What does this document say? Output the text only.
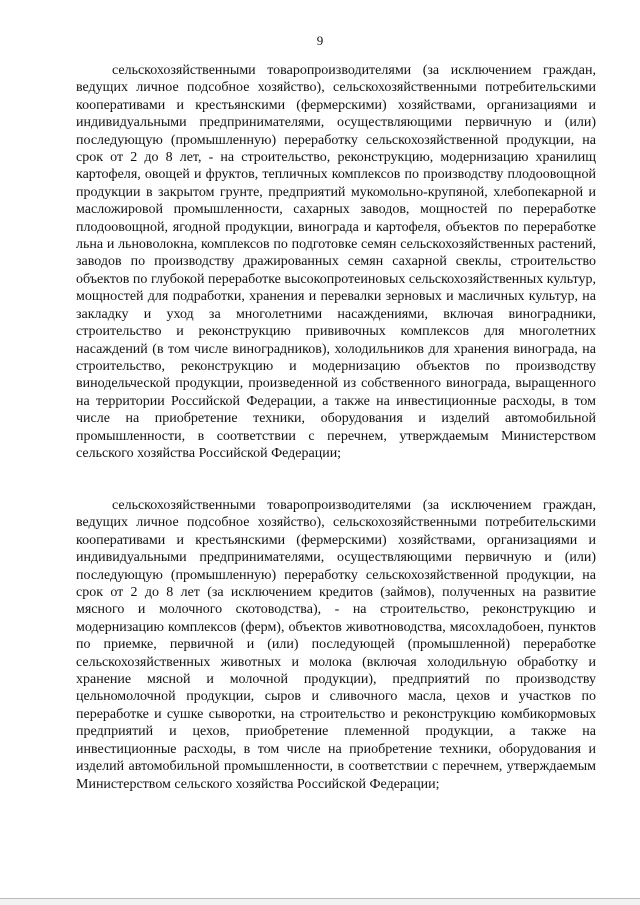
9

сельскохозяйственными товаропроизводителями (за исключением граждан, ведущих личное подсобное хозяйство), сельскохозяйственными потребительскими кооперативами и крестьянскими (фермерскими) хозяйствами, организациями и индивидуальными предпринимателями, осуществляющими первичную и (или) последующую (промышленную) переработку сельскохозяйственной продукции, на срок от 2 до 8 лет, - на строительство, реконструкцию, модернизацию хранилищ картофеля, овощей и фруктов, тепличных комплексов по производству плодоовощной продукции в закрытом грунте, предприятий мукомольно-крупяной, хлебопекарной и масложировой промышленности, сахарных заводов, мощностей по переработке плодоовощной, ягодной продукции, винограда и картофеля, объектов по переработке льна и льноволокна, комплексов по подготовке семян сельскохозяйственных растений, заводов по производству дражированных семян сахарной свеклы, строительство объектов по глубокой переработке высокопротеиновых сельскохозяйственных культур, мощностей для подработки, хранения и перевалки зерновых и масличных культур, на закладку и уход за многолетними насаждениями, включая виноградники, строительство и реконструкцию прививочных комплексов для многолетних насаждений (в том числе виноградников), холодильников для хранения винограда, на строительство, реконструкцию и модернизацию объектов по производству винодельческой продукции, произведенной из собственного винограда, выращенного на территории Российской Федерации, а также на инвестиционные расходы, в том числе на приобретение техники, оборудования и изделий автомобильной промышленности, в соответствии с перечнем, утверждаемым Министерством сельского хозяйства Российской Федерации;

сельскохозяйственными товаропроизводителями (за исключением граждан, ведущих личное подсобное хозяйство), сельскохозяйственными потребительскими кооперативами и крестьянскими (фермерскими) хозяйствами, организациями и индивидуальными предпринимателями, осуществляющими первичную и (или) последующую (промышленную) переработку сельскохозяйственной продукции, на срок от 2 до 8 лет (за исключением кредитов (займов), полученных на развитие мясного и молочного скотоводства), - на строительство, реконструкцию и модернизацию комплексов (ферм), объектов животноводства, мясохладобоен, пунктов по приемке, первичной и (или) последующей (промышленной) переработке сельскохозяйственных животных и молока (включая холодильную обработку и хранение мясной и молочной продукции), предприятий по производству цельномолочной продукции, сыров и сливочного масла, цехов и участков по переработке и сушке сыворотки, на строительство и реконструкцию комбикормовых предприятий и цехов, приобретение племенной продукции, а также на инвестиционные расходы, в том числе на приобретение техники, оборудования и изделий автомобильной промышленности, в соответствии с перечнем, утверждаемым Министерством сельского хозяйства Российской Федерации;
